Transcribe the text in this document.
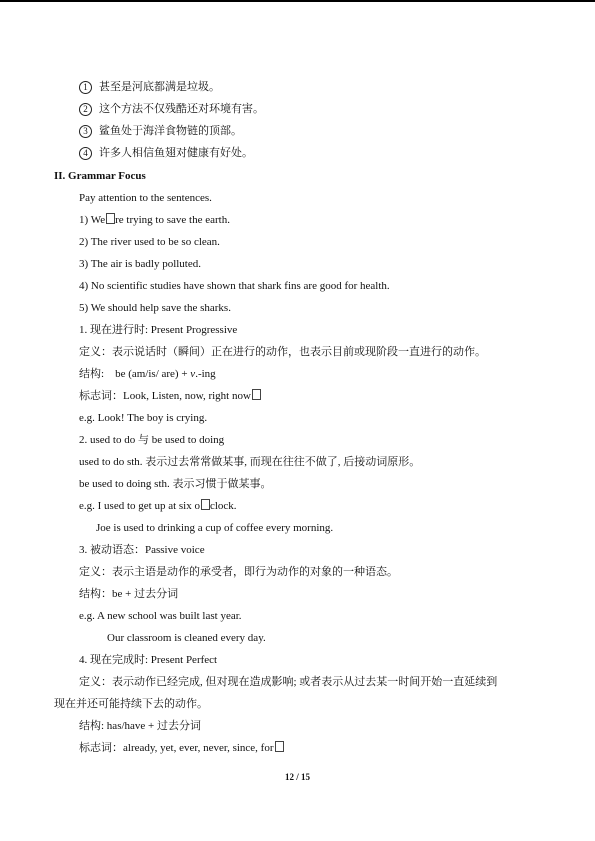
1 甚至是河底都满是垃圾。
2 这个方法不仅残酷还对环境有害。
3 鲨鱼处于海洋食物链的顶部。
4 许多人相信鱼翅对健康有好处。
II. Grammar Focus
Pay attention to the sentences.
1) We re trying to save the earth.
2) The river used to be so clean.
3) The air is badly polluted.
4) No scientific studies have shown that shark fins are good for health.
5) We should help save the sharks.
1. 现在进行时: Present Progressive
定义：表示说话时（瞬间）正在进行的动作，也表示目前或现阶段一直进行的动作。
结构: be (am/is/ are) + v.-ing
标志词：Look, Listen, now, right now
e.g. Look! The boy is crying.
2. used to do 与 be used to doing
used to do sth. 表示过去常常做某事, 而现在往往不做了, 后接动词原形。
be used to doing sth. 表示习惯于做某事。
e.g. I used to get up at six o clock.
Joe is used to drinking a cup of coffee every morning.
3. 被动语态：Passive voice
定义：表示主语是动作的承受者，即行为动作的对象的一种语态。
结构：be + 过去分词
e.g. A new school was built last year.
Our classroom is cleaned every day.
4. 现在完成时: Present Perfect
定义：表示动作已经完成, 但对现在造成影响; 或者表示从过去某一时间开始一直延续到
现在并还可能持续下去的动作。
结构: has/have + 过去分词
标志词：already, yet, ever, never, since, for
12 / 15
